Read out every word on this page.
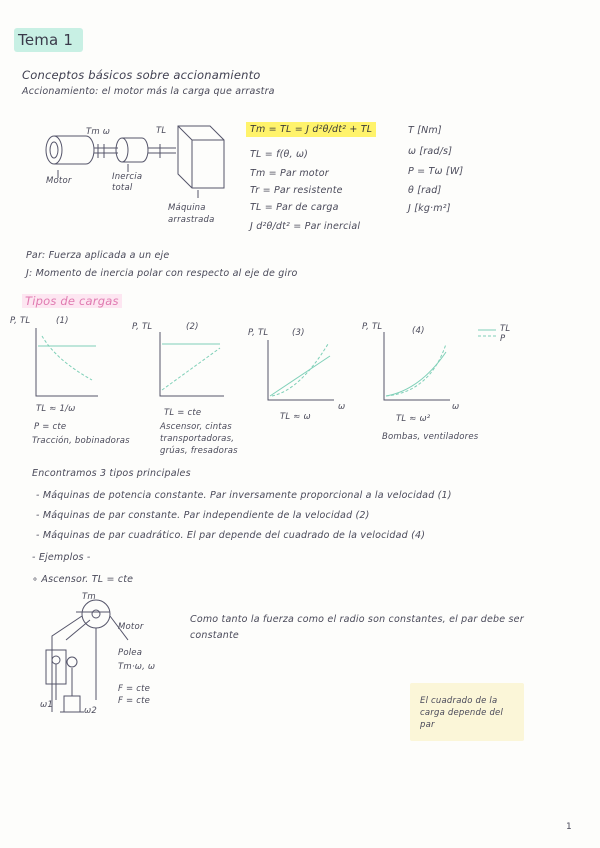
Tema 1
Conceptos básicos sobre accionamiento
Accionamiento: el motor más la carga que arrastra
Tm ω	TL
Motor	Inercia total
Máquina arrastrada
Tm = TL = J d²θ/dt² + TL
TL = f(θ, ω)
Tm = Par motor
Tr = Par resistente
TL = Par de carga
J d²θ/dt² = Par inercial
T [Nm]
ω [rad/s]
P = Tω [W]
θ [rad]
J [kg·m²]
Par: Fuerza aplicada a un eje
J: Momento de inercia polar con respecto al eje de giro
Tipos de cargas
P, TL	(1)
TL ≈ 1/ω
P = cte
Tracción, bobinadoras
P, TL	(2)
TL = cte
Ascensor, cintas
transportadoras,
grúas, fresadoras
P, TL	(3)
ω
TL ≈ ω
P, TL	(4)
ω
TL ≈ ω²
Bombas, ventiladores
TL
P
Encontramos 3 tipos principales
- Máquinas de potencia constante. Par inversamente proporcional a la velocidad (1)
- Máquinas de par constante. Par independiente de la velocidad (2)
- Máquinas de par cuadrático. El par depende del cuadrado de la velocidad (4)
- Ejemplos -
∘ Ascensor. TL = cte
Tm
Motor
Polea
Tm·ω, ω
F = cte
F = cte
ω1
ω2
Como tanto la fuerza como el radio son constantes, el par debe ser constante
El cuadrado de la carga depende del par
1
